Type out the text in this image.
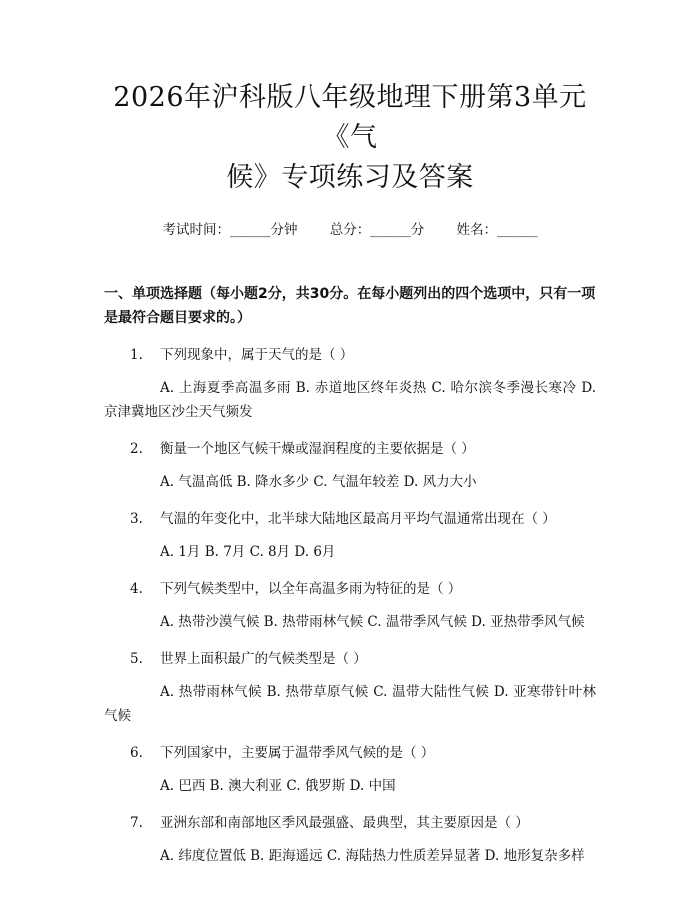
2026年沪科版八年级地理下册第3单元《气
候》专项练习及答案
考试时间：______分钟 总分：______分 姓名：______
一、单项选择题（每小题2分，共30分。在每小题列出的四个选项中，只有一项是最符合题目要求的。）
1.	下列现象中，属于天气的是（ ）
A. 上海夏季高温多雨 B. 赤道地区终年炎热 C. 哈尔滨冬季漫长寒冷 D. 京津冀地区沙尘天气频发
2.	衡量一个地区气候干燥或湿润程度的主要依据是（ ）
A. 气温高低 B. 降水多少 C. 气温年较差 D. 风力大小
3.	气温的年变化中，北半球大陆地区最高月平均气温通常出现在（ ）
A. 1月 B. 7月 C. 8月 D. 6月
4.	下列气候类型中，以全年高温多雨为特征的是（ ）
A. 热带沙漠气候 B. 热带雨林气候 C. 温带季风气候 D. 亚热带季风气候
5.	世界上面积最广的气候类型是（ ）
A. 热带雨林气候 B. 热带草原气候 C. 温带大陆性气候 D. 亚寒带针叶林气候
6.	下列国家中，主要属于温带季风气候的是（ ）
A. 巴西 B. 澳大利亚 C. 俄罗斯 D. 中国
7.	亚洲东部和南部地区季风最强盛、最典型，其主要原因是（ ）
A. 纬度位置低 B. 距海遥远 C. 海陆热力性质差异显著 D. 地形复杂多样
